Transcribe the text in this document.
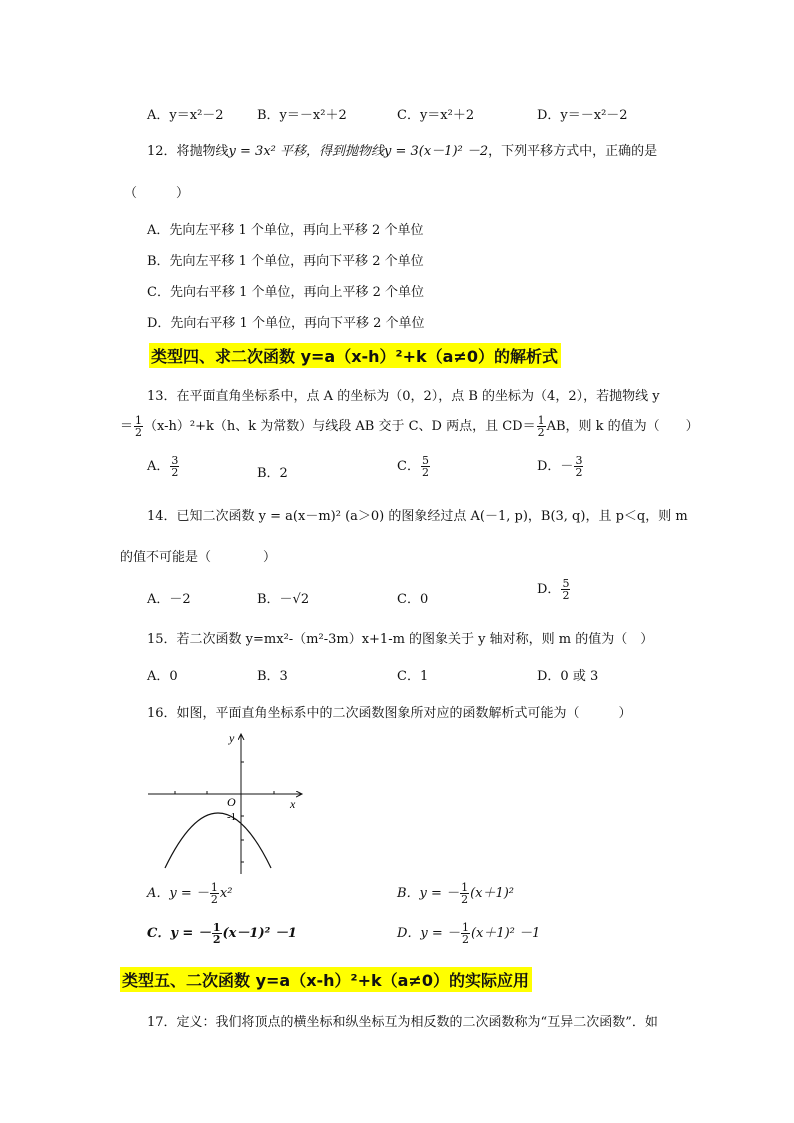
A．y＝x²－2	B．y＝－x²＋2	C．y＝x²＋2	D．y＝－x²－2
12．将抛物线y = 3x² 平移，得到抛物线y = 3(x－1)² －2，下列平移方式中，正确的是
（　　　）
A．先向左平移 1 个单位，再向上平移 2 个单位
B．先向左平移 1 个单位，再向下平移 2 个单位
C．先向右平移 1 个单位，再向上平移 2 个单位
D．先向右平移 1 个单位，再向下平移 2 个单位
类型四、求二次函数 y=a（x-h）²+k（a≠0）的解析式
13．在平面直角坐标系中，点 A 的坐标为（0，2），点 B 的坐标为（4，2），若抛物线 y
＝ $\frac{1}{2} (x-h)^2+k(h$、k 为常数）与线段 AB 交于 C、D 两点，且 $CD= \frac{1}{2}$ AB，则 k 的值为（　　）
A． $\frac{3}{2}$	B．2	C． $\frac{5}{2}$	D．－ $\frac{3}{2}$
14．已知二次函数 y = a(x－m)² (a＞0) 的图象经过点 A(－1, p)，B(3, q)，且 p＜q，则 m
的值不可能是（　　　　）
A．－2	B．－√2	C．0
D． $\frac{5}{2}$
15．若二次函数 y=mx²-（m²-3m）x+1-m 的图象关于 y 轴对称，则 m 的值为（　）
A．0	B．3	C．1	D．0 或 3
16．如图，平面直角坐标系中的二次函数图象所对应的函数解析式可能为（　　　）
y
x
O
-1
A．y = － $\frac{1}{2} x^2$	B．y = － $\frac{1}{2} (x+1)^2$
C．y = － $\frac{1}{2} (x-1)^2 -1$	D．y = － $\frac{1}{2} (x+1)^2 -1$
类型五、二次函数 y=a（x-h）²+k（a≠0）的实际应用
17．定义：我们将顶点的横坐标和纵坐标互为相反数的二次函数称为“互异二次函数”．如
